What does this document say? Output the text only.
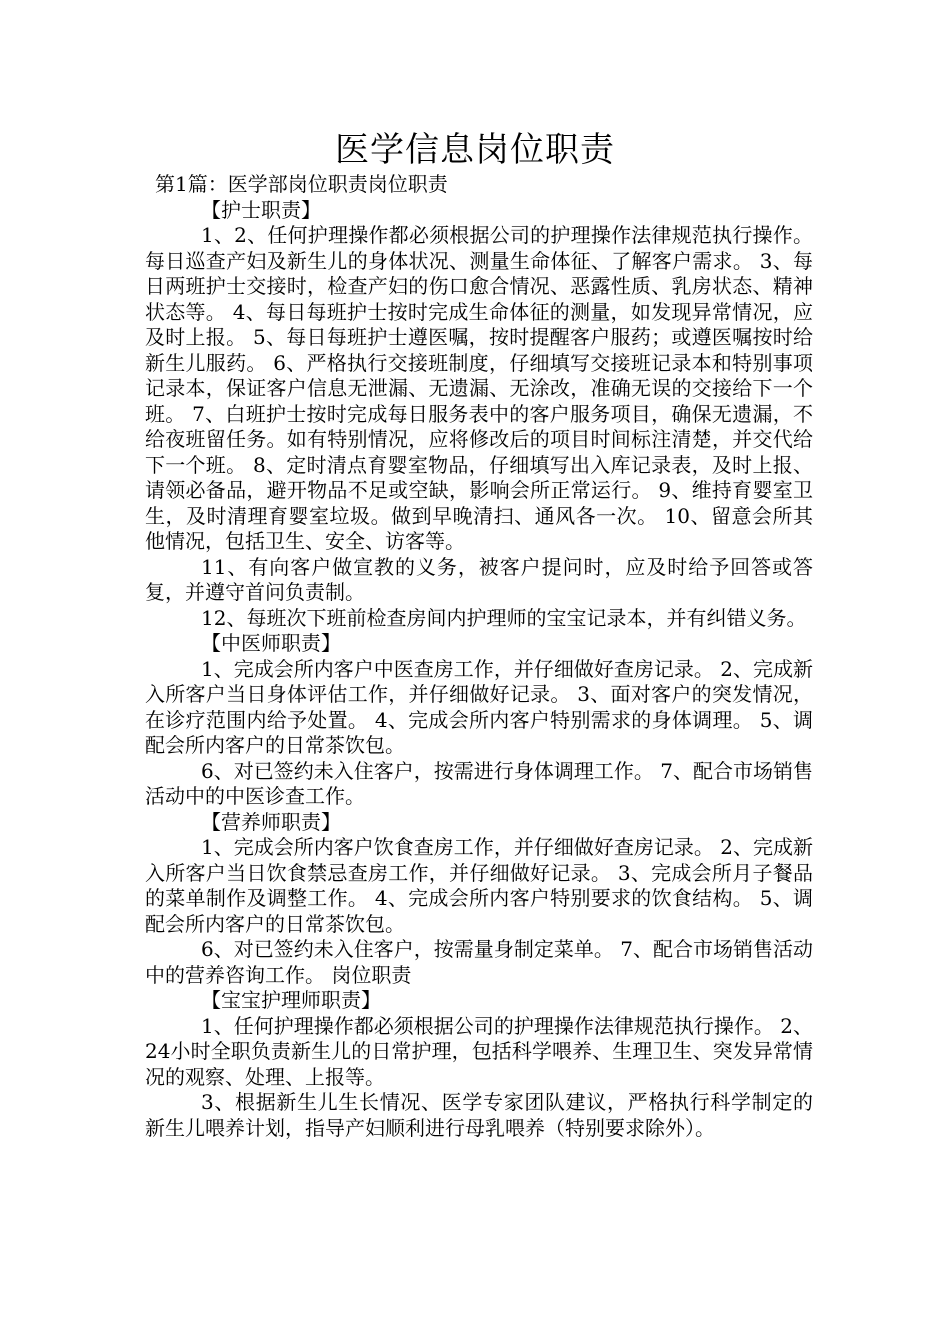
医学信息岗位职责

第1篇：医学部岗位职责岗位职责

【护士职责】

1、2、任何护理操作都必须根据公司的护理操作法律规范执行操作。 每日巡查产妇及新生儿的身体状况、测量生命体征、了解客户需求。 3、每日两班护士交接时，检查产妇的伤口愈合情况、恶露性质、乳房状态、精神状态等。 4、每日每班护士按时完成生命体征的测量，如发现异常情况，应及时上报。 5、每日每班护士遵医嘱，按时提醒客户服药；或遵医嘱按时给新生儿服药。 6、严格执行交接班制度，仔细填写交接班记录本和特别事项记录本，保证客户信息无泄漏、无遗漏、无涂改，准确无误的交接给下一个班。 7、白班护士按时完成每日服务表中的客户服务项目，确保无遗漏，不给夜班留任务。如有特别情况，应将修改后的项目时间标注清楚，并交代给下一个班。 8、定时清点育婴室物品，仔细填写出入库记录表，及时上报、请领必备品，避开物品不足或空缺，影响会所正常运行。 9、维持育婴室卫生，及时清理育婴室垃圾。做到早晚清扫、通风各一次。 10、留意会所其他情况，包括卫生、安全、访客等。

11、有向客户做宣教的义务，被客户提问时，应及时给予回答或答复，并遵守首问负责制。

12、每班次下班前检查房间内护理师的宝宝记录本，并有纠错义务。

【中医师职责】

1、完成会所内客户中医查房工作，并仔细做好查房记录。 2、完成新入所客户当日身体评估工作，并仔细做好记录。 3、面对客户的突发情况，在诊疗范围内给予处置。 4、完成会所内客户特别需求的身体调理。 5、调配会所内客户的日常茶饮包。

6、对已签约未入住客户，按需进行身体调理工作。 7、配合市场销售活动中的中医诊查工作。

【营养师职责】

1、完成会所内客户饮食查房工作，并仔细做好查房记录。 2、完成新入所客户当日饮食禁忌查房工作，并仔细做好记录。 3、完成会所月子餐品的菜单制作及调整工作。 4、完成会所内客户特别要求的饮食结构。 5、调配会所内客户的日常茶饮包。

6、对已签约未入住客户，按需量身制定菜单。 7、配合市场销售活动中的营养咨询工作。 岗位职责

【宝宝护理师职责】

1、任何护理操作都必须根据公司的护理操作法律规范执行操作。 2、24小时全职负责新生儿的日常护理，包括科学喂养、生理卫生、突发异常情况的观察、处理、上报等。

3、根据新生儿生长情况、医学专家团队建议，严格执行科学制定的新生儿喂养计划，指导产妇顺利进行母乳喂养（特别要求除外）。
